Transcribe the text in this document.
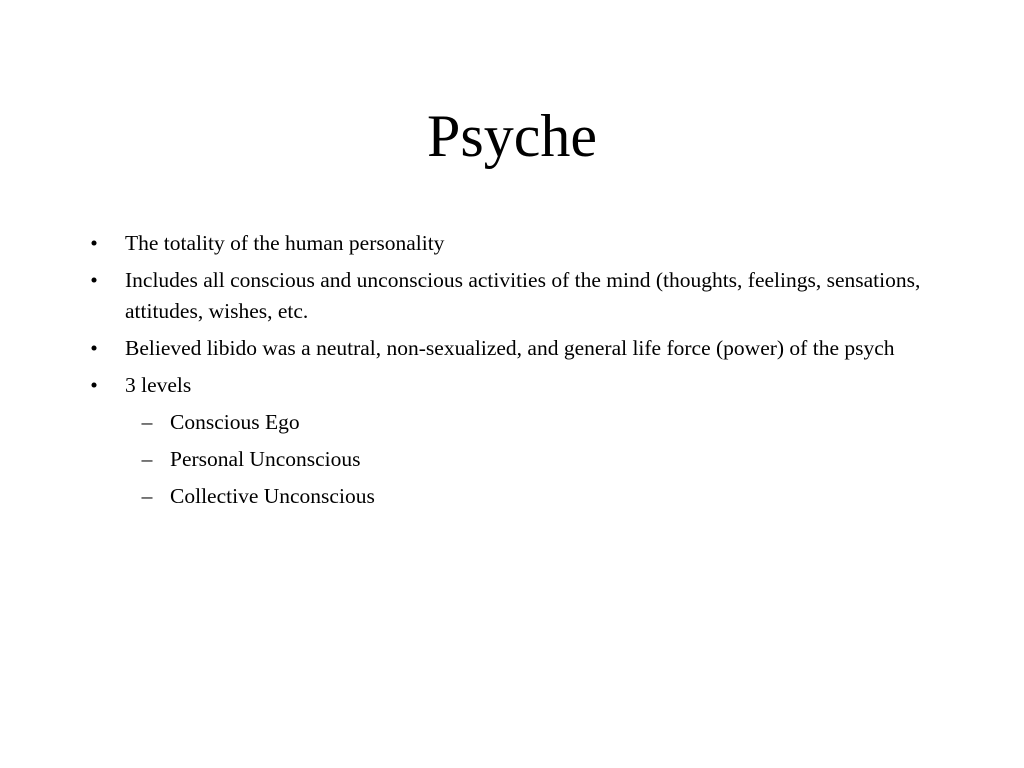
Psyche
• The totality of the human personality
• Includes all conscious and unconscious activities of the mind (thoughts, feelings, sensations, attitudes, wishes, etc.
• Believed libido was a neutral, non-sexualized, and general life force (power) of the psych
• 3 levels
– Conscious Ego
– Personal Unconscious
– Collective Unconscious
